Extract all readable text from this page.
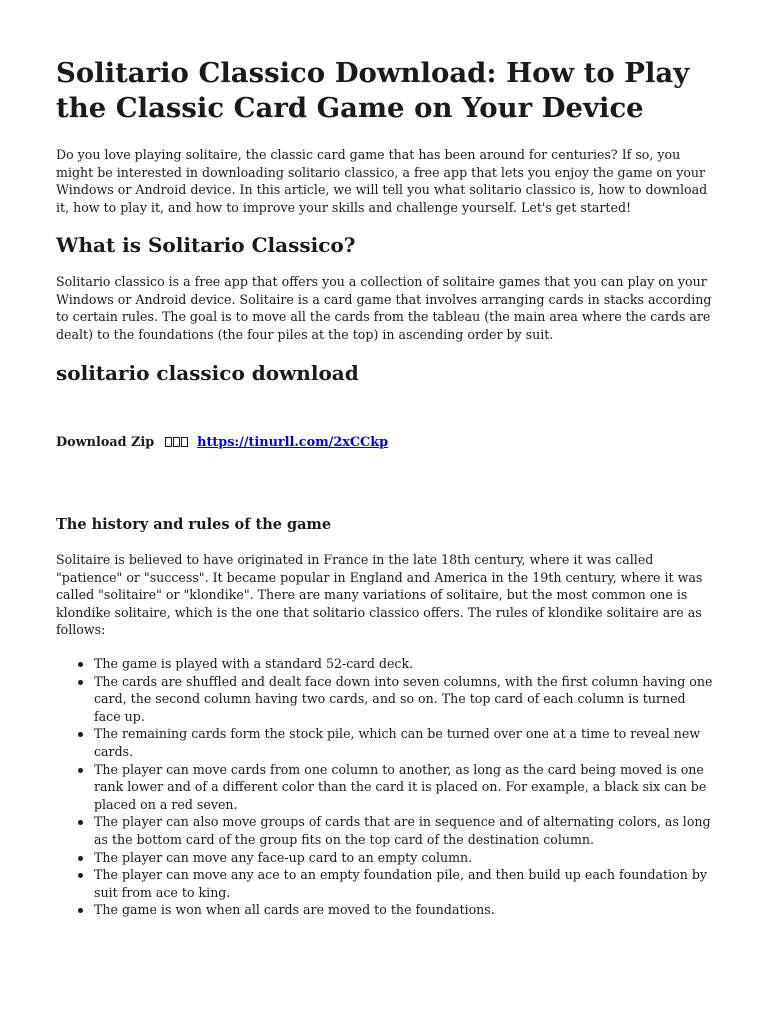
Solitario Classico Download: How to Play the Classic Card Game on Your Device

Do you love playing solitaire, the classic card game that has been around for centuries? If so, you might be interested in downloading solitario classico, a free app that lets you enjoy the game on your Windows or Android device. In this article, we will tell you what solitario classico is, how to download it, how to play it, and how to improve your skills and challenge yourself. Let's get started!

What is Solitario Classico?

Solitario classico is a free app that offers you a collection of solitaire games that you can play on your Windows or Android device. Solitaire is a card game that involves arranging cards in stacks according to certain rules. The goal is to move all the cards from the tableau (the main area where the cards are dealt) to the foundations (the four piles at the top) in ascending order by suit.

solitario classico download

Download Zip	https://tinurll.com/2xCCkp

The history and rules of the game

Solitaire is believed to have originated in France in the late 18th century, where it was called "patience" or "success". It became popular in England and America in the 19th century, where it was called "solitaire" or "klondike". There are many variations of solitaire, but the most common one is klondike solitaire, which is the one that solitario classico offers. The rules of klondike solitaire are as follows:

The game is played with a standard 52-card deck.
The cards are shuffled and dealt face down into seven columns, with the first column having one card, the second column having two cards, and so on. The top card of each column is turned face up.
The remaining cards form the stock pile, which can be turned over one at a time to reveal new cards.
The player can move cards from one column to another, as long as the card being moved is one rank lower and of a different color than the card it is placed on. For example, a black six can be placed on a red seven.
The player can also move groups of cards that are in sequence and of alternating colors, as long as the bottom card of the group fits on the top card of the destination column.
The player can move any face-up card to an empty column.
The player can move any ace to an empty foundation pile, and then build up each foundation by suit from ace to king.
The game is won when all cards are moved to the foundations.
